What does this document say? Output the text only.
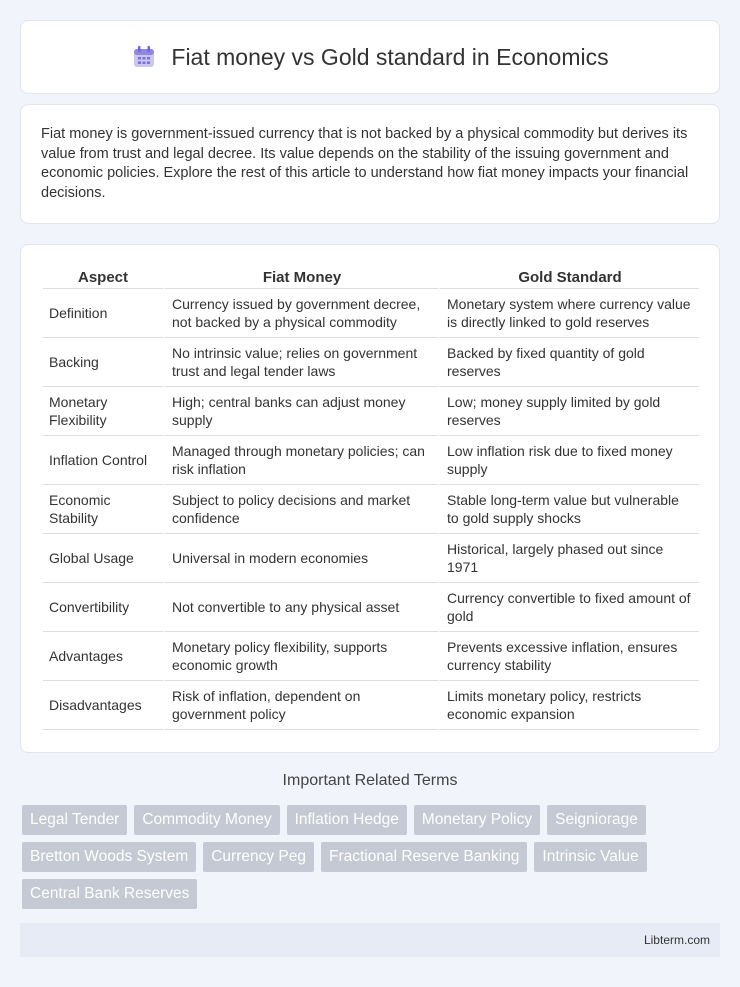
Fiat money vs Gold standard in Economics

Fiat money is government-issued currency that is not backed by a physical commodity but derives its value from trust and legal decree. Its value depends on the stability of the issuing government and economic policies. Explore the rest of this article to understand how fiat money impacts your financial decisions.

Aspect	Fiat Money	Gold Standard
Definition	Currency issued by government decree, not backed by a physical commodity	Monetary system where currency value is directly linked to gold reserves
Backing	No intrinsic value; relies on government trust and legal tender laws	Backed by fixed quantity of gold reserves
Monetary Flexibility	High; central banks can adjust money supply	Low; money supply limited by gold reserves
Inflation Control	Managed through monetary policies; can risk inflation	Low inflation risk due to fixed money supply
Economic Stability	Subject to policy decisions and market confidence	Stable long-term value but vulnerable to gold supply shocks
Global Usage	Universal in modern economies	Historical, largely phased out since 1971
Convertibility	Not convertible to any physical asset	Currency convertible to fixed amount of gold
Advantages	Monetary policy flexibility, supports economic growth	Prevents excessive inflation, ensures currency stability
Disadvantages	Risk of inflation, dependent on government policy	Limits monetary policy, restricts economic expansion
Important Related Terms
Legal Tender	Commodity Money	Inflation Hedge	Monetary Policy	Seigniorage
Bretton Woods System	Currency Peg	Fractional Reserve Banking	Intrinsic Value
Central Bank Reserves
Libterm.com
